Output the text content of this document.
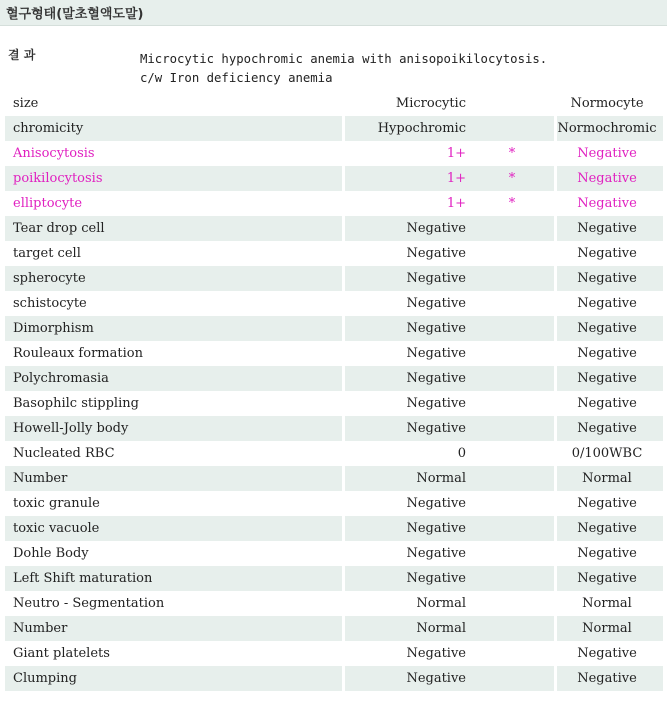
혈구형태(말초혈액도말)
결 과	Microcytic hypochromic anemia with anisopoikilocytosis.
c/w Iron deficiency anemia
size		Microcytic			Normocyte
chromicity		Hypochromic			Normochromic
Anisocytosis		1+	*		Negative
poikilocytosis		1+	*		Negative
elliptocyte		1+	*		Negative
Tear drop cell		Negative			Negative
target cell		Negative			Negative
spherocyte		Negative			Negative
schistocyte		Negative			Negative
Dimorphism		Negative			Negative
Rouleaux formation		Negative			Negative
Polychromasia		Negative			Negative
Basophilc stippling		Negative			Negative
Howell-Jolly body		Negative			Negative
Nucleated RBC		0			0/100WBC
Number		Normal			Normal
toxic granule		Negative			Negative
toxic vacuole		Negative			Negative
Dohle Body		Negative			Negative
Left Shift maturation		Negative			Negative
Neutro - Segmentation		Normal			Normal
Number		Normal			Normal
Giant platelets		Negative			Negative
Clumping		Negative			Negative
